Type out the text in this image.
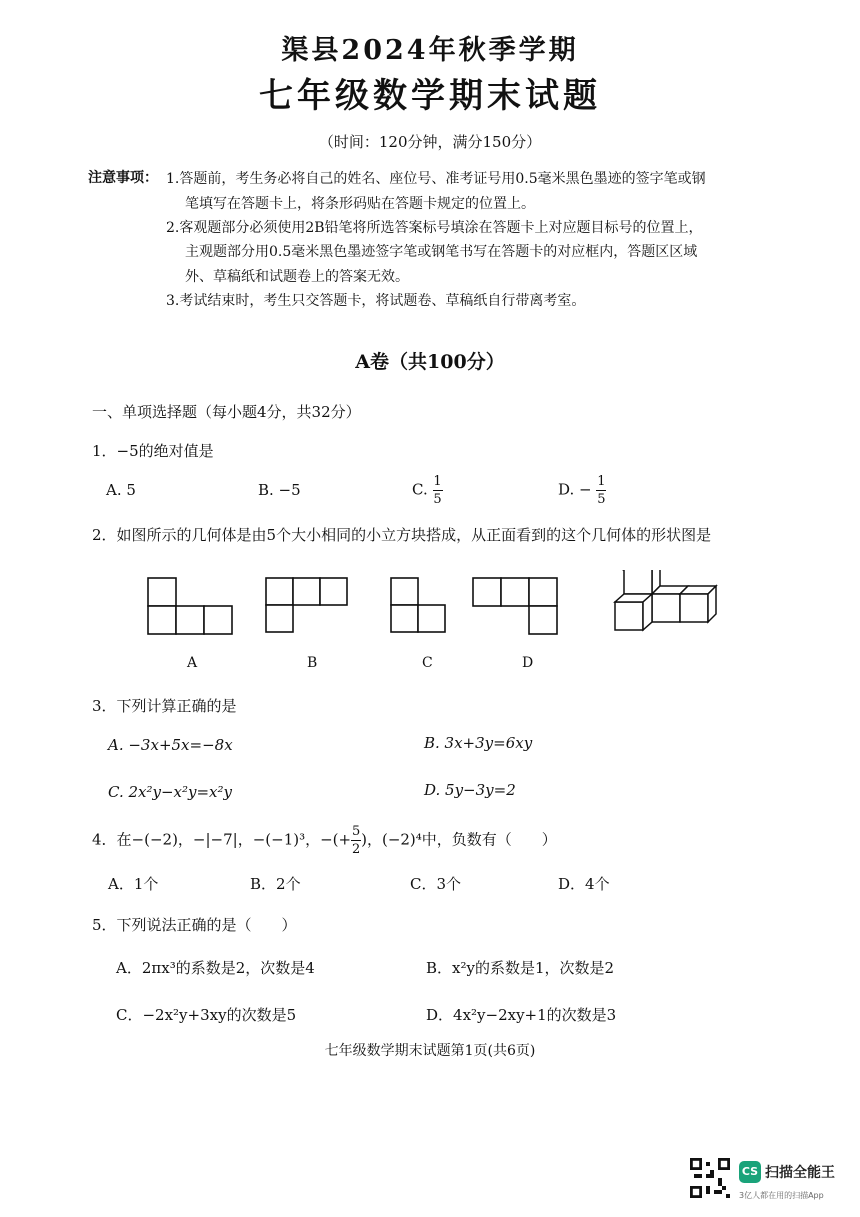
渠县2024年秋季学期
七年级数学期末试题
（时间：120分钟，满分150分）
注意事项： 1.答题前，考生务必将自己的姓名、座位号、准考证号用0.5毫米黑色墨迹的签字笔或钢
笔填写在答题卡上，将条形码贴在答题卡规定的位置上。
2.客观题部分必须使用2B铅笔将所选答案标号填涂在答题卡上对应题目标号的位置上，
主观题部分用0.5毫米黑色墨迹签字笔或钢笔书写在答题卡的对应框内，答题区区域
外、草稿纸和试题卷上的答案无效。
3.考试结束时，考生只交答题卡，将试题卷、草稿纸自行带离考室。
A卷（共100分）
一、单项选择题（每小题4分，共32分）
1．−5的绝对值是
A. 5	B. −5	C. $\frac{1}{5}$	D. − $\frac{1}{5}$
2．如图所示的几何体是由5个大小相同的小立方块搭成，从正面看到的这个几何体的形状图是
A	B	C	D
3．下列计算正确的是
A. −3x+5x=−8x	B. 3x+3y=6xy
C. 2x²y−x²y=x²y	D. 5y−3y=2
4．在−(−2)，−|−7|，−(−1)³，−(+ $\frac{5}{2}$ )，(−2)⁴中，负数有（　　）
A．1个	B．2个	C．3个	D．4个
5．下列说法正确的是（　　）
A．2πx³的系数是2，次数是4	B．x²y的系数是1，次数是2
C．−2x²y+3xy的次数是5	D．4x²y−2xy+1的次数是3
七年级数学期末试题第1页(共6页)
CS 扫描全能王
3亿人都在用的扫描App
